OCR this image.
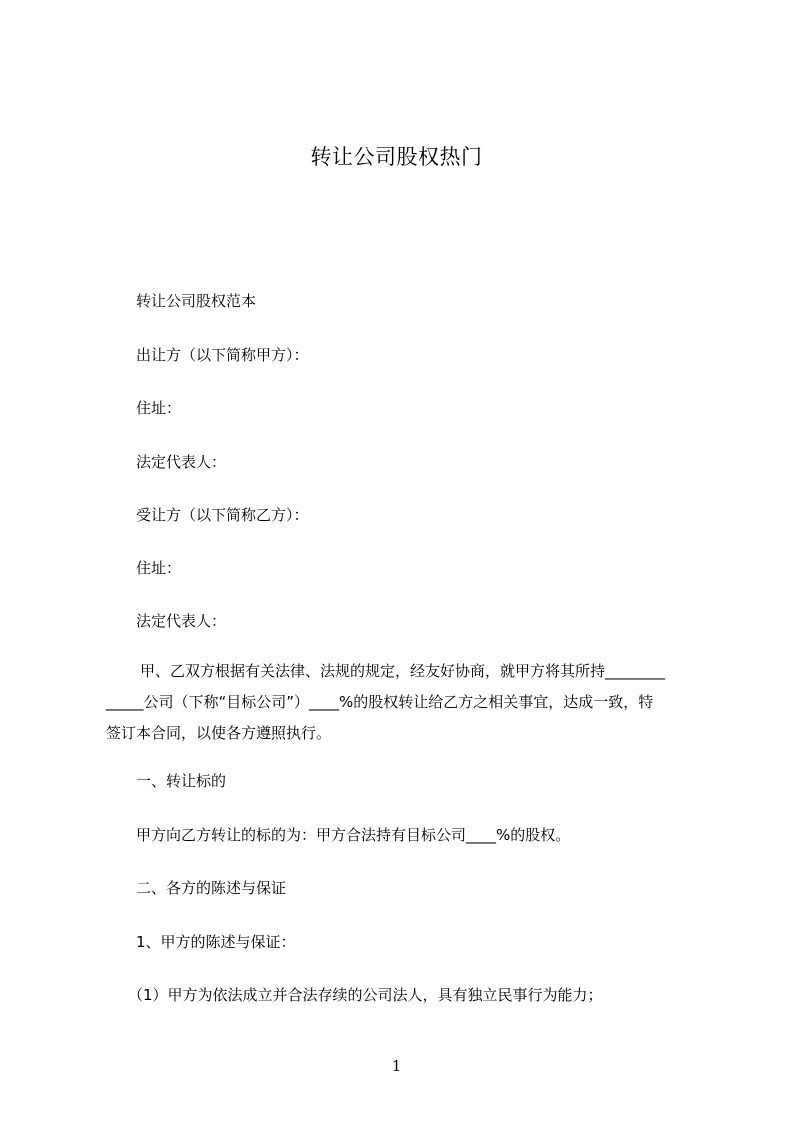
转让公司股权热门
转让公司股权范本
出让方（以下简称甲方）：
住址：
法定代表人：
受让方（以下简称乙方）：
住址：
法定代表人：
甲、乙双方根据有关法律、法规的规定，经友好协商，就甲方将其所持________
_____公司（下称“目标公司”）____%的股权转让给乙方之相关事宜，达成一致，特
签订本合同，以使各方遵照执行。
一、转让标的
甲方向乙方转让的标的为：甲方合法持有目标公司____%的股权。
二、各方的陈述与保证
1、甲方的陈述与保证：
（1）甲方为依法成立并合法存续的公司法人，具有独立民事行为能力；
1
